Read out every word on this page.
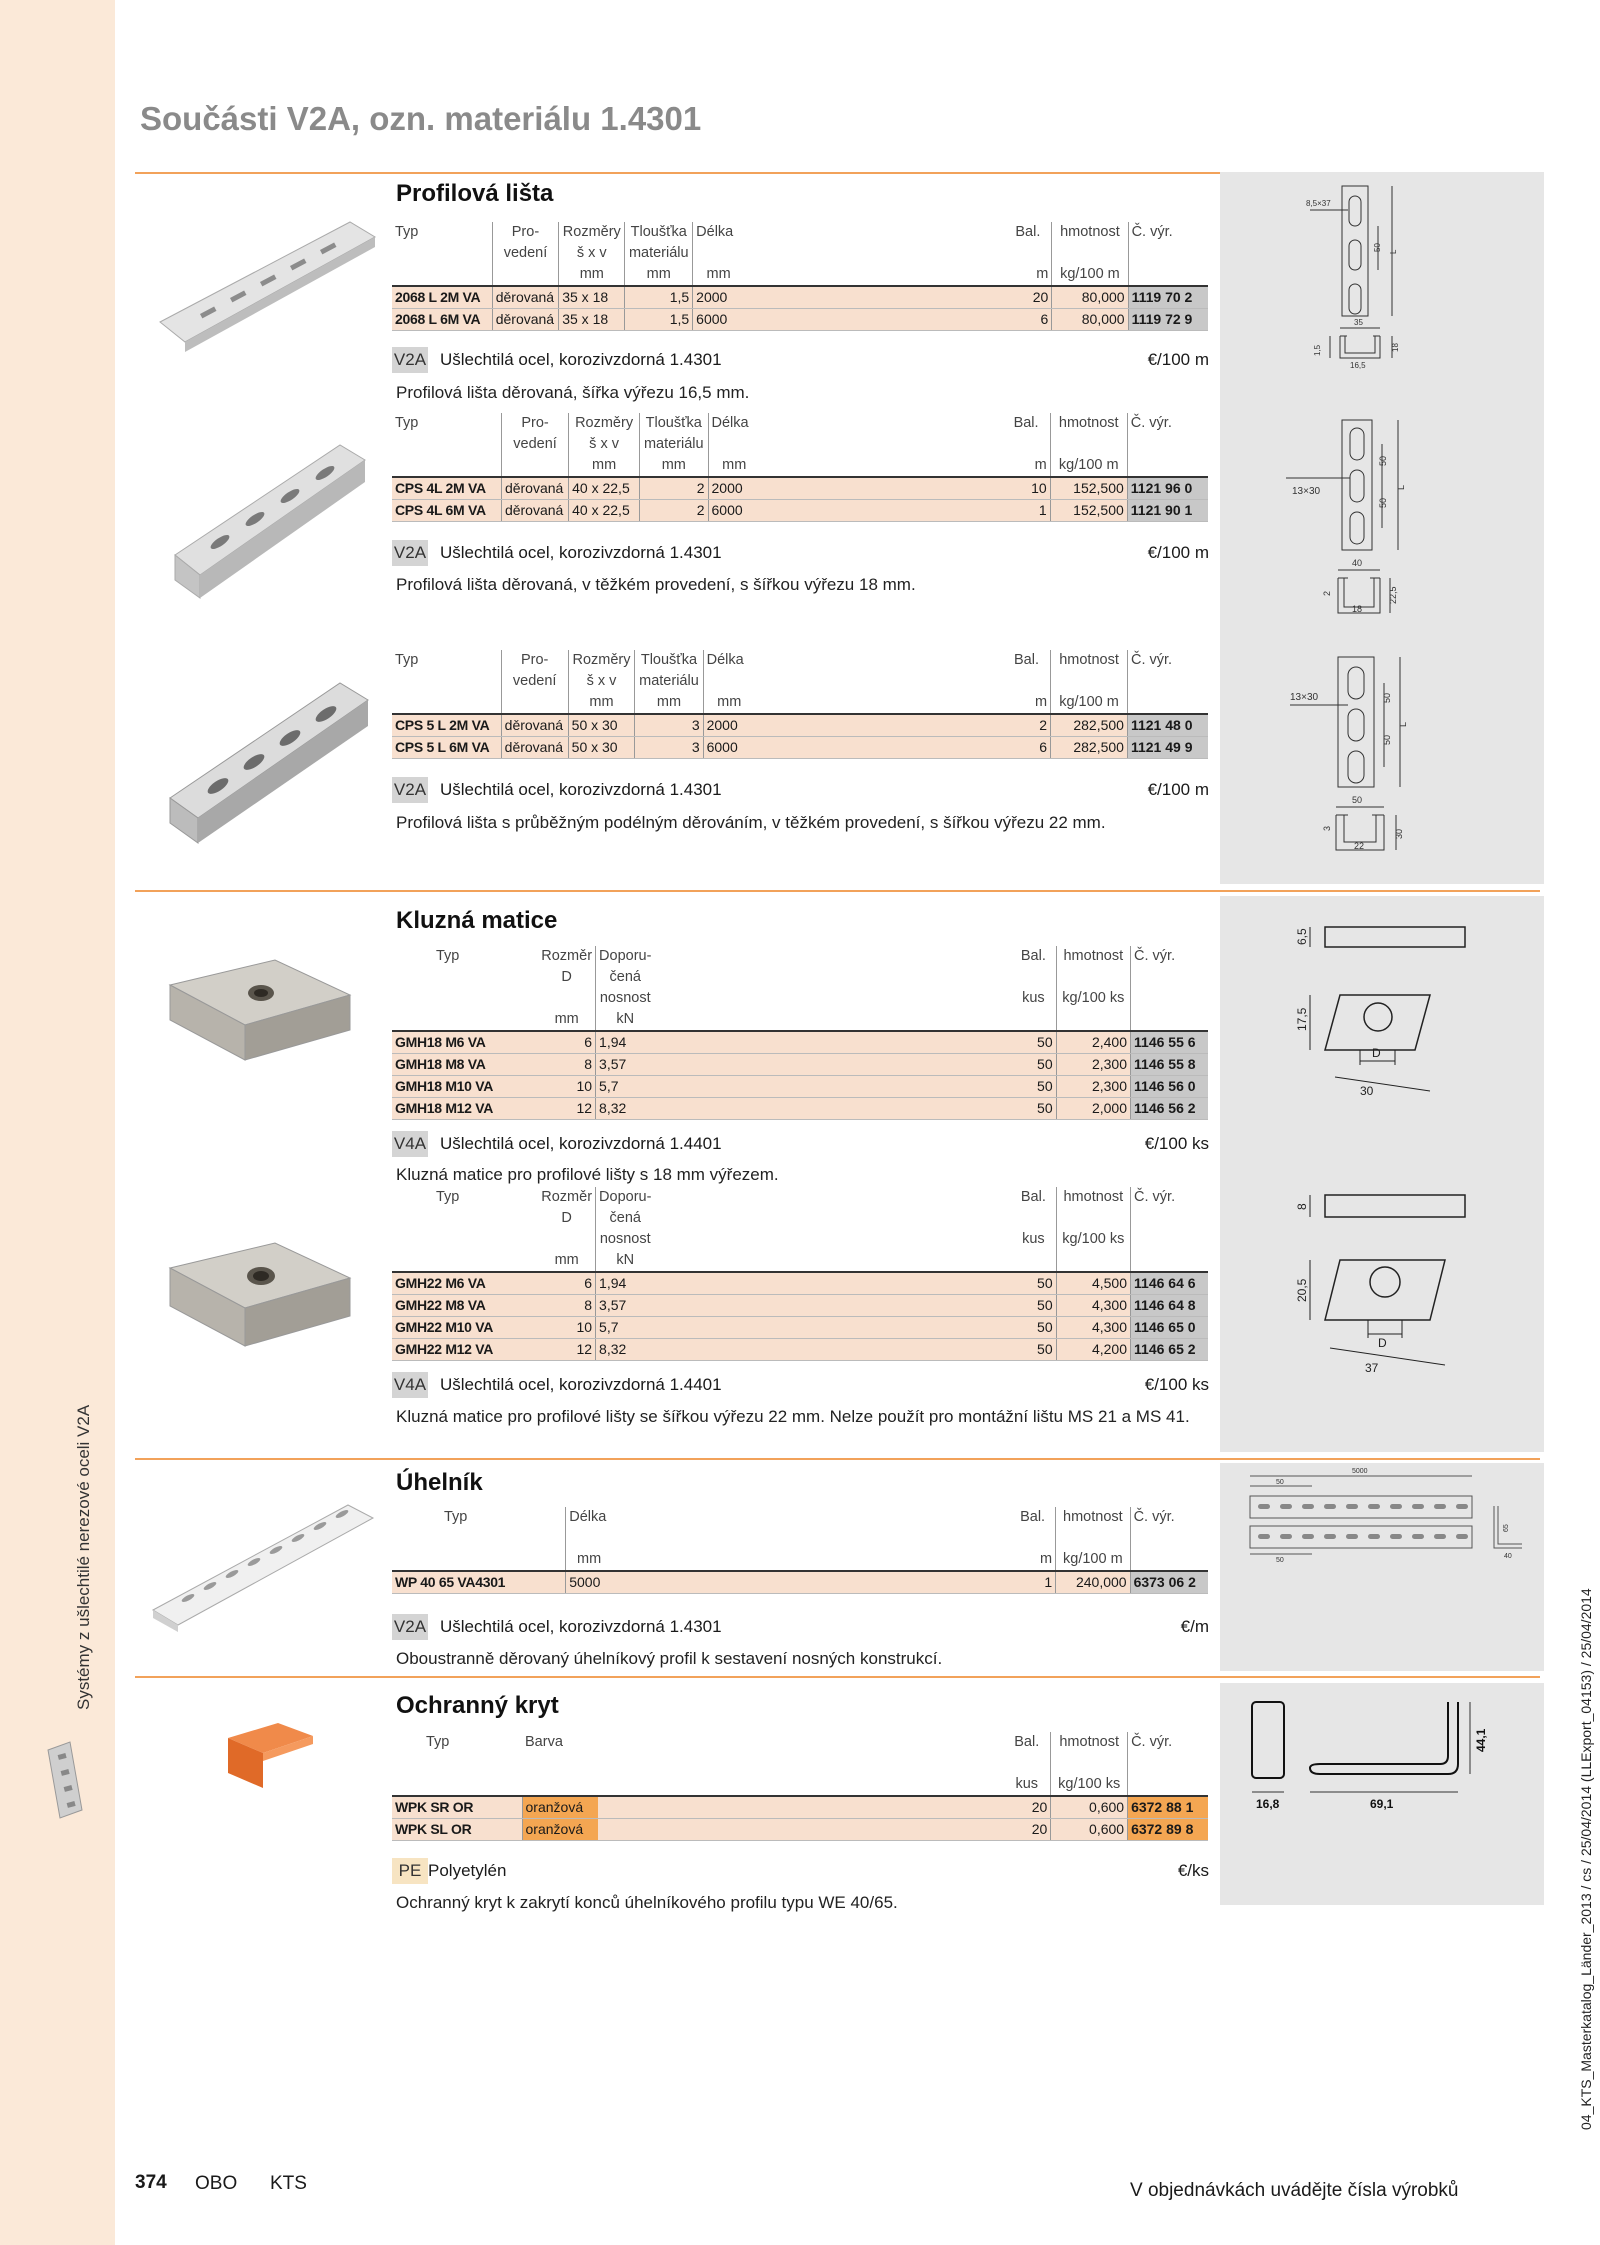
Systémy z ušlechtilé nerezové oceli V2A
Součásti V2A, ozn. materiálu 1.4301
Profilová lišta
Typ	Pro-	Rozměry	Tloušťka	Délka		Bal.	hmotnost	Č. výr.
	vedení	š x v	materiálu					
		mm	mm	mm		m	kg/100 m	
2068 L 2M VA	děrovaná	35 x 18	1,5	2000		20	80,000	1119 70 2
2068 L 6M VA	děrovaná	35 x 18	1,5	6000		6	80,000	1119 72 9
V2A Ušlechtilá ocel, korozivzdorná 1.4301	€/100 m
Profilová lišta děrovaná, šířka výřezu 16,5 mm.
Typ	Pro-	Rozměry	Tloušťka	Délka		Bal.	hmotnost	Č. výr.
	vedení	š x v	materiálu					
		mm	mm	mm		m	kg/100 m	
CPS 4L 2M VA	děrovaná	40 x 22,5	2	2000		10	152,500	1121 96 0
CPS 4L 6M VA	děrovaná	40 x 22,5	2	6000		1	152,500	1121 90 1
V2A Ušlechtilá ocel, korozivzdorná 1.4301	€/100 m
Profilová lišta děrovaná, v těžkém provedení, s šířkou výřezu 18 mm.
Typ	Pro-	Rozměry	Tloušťka	Délka		Bal.	hmotnost	Č. výr.
	vedení	š x v	materiálu					
		mm	mm	mm		m	kg/100 m	
CPS 5 L 2M VA	děrovaná	50 x 30	3	2000		2	282,500	1121 48 0
CPS 5 L 6M VA	děrovaná	50 x 30	3	6000		6	282,500	1121 49 9
V2A Ušlechtilá ocel, korozivzdorná 1.4301	€/100 m
Profilová lišta s průběžným podélným děrováním, v těžkém provedení, s šířkou výřezu 22 mm.
8,5×37
50 L
35
18
1,5
16,5
13×30
50
50
L
40
2	22,5
18
13×30	50
50
L
50
3
30
22
Kluzná matice
Typ	Rozměr	Doporu-		Bal.	hmotnost	Č. výr.
	D	čená				
		nosnost		kus	kg/100 ks	
	mm	kN				
GMH18 M6 VA	6	1,94		50	2,400	1146 55 6
GMH18 M8 VA	8	3,57		50	2,300	1146 55 8
GMH18 M10 VA	10	5,7		50	2,300	1146 56 0
GMH18 M12 VA	12	8,32		50	2,000	1146 56 2
V4A Ušlechtilá ocel, korozivzdorná 1.4401	€/100 ks
Kluzná matice pro profilové lišty s 18 mm výřezem.
Typ	Rozměr	Doporu-		Bal.	hmotnost	Č. výr.
	D	čená				
		nosnost		kus	kg/100 ks	
	mm	kN				
GMH22 M6 VA	6	1,94		50	4,500	1146 64 6
GMH22 M8 VA	8	3,57		50	4,300	1146 64 8
GMH22 M10 VA	10	5,7		50	4,300	1146 65 0
GMH22 M12 VA	12	8,32		50	4,200	1146 65 2
V4A Ušlechtilá ocel, korozivzdorná 1.4401	€/100 ks
Kluzná matice pro profilové lišty se šířkou výřezu 22 mm. Nelze použít pro montážní lištu MS 21 a MS 41.
6,5
17,5
D
30
8
20,5
D
37
Úhelník
Typ	Délka		Bal.	hmotnost	Č. výr.

	mm		m	kg/100 m	
WP 40 65 VA4301	5000		1	240,000	6373 06 2
V2A Ušlechtilá ocel, korozivzdorná 1.4301	€/m
Oboustranně děrovaný úhelníkový profil k sestavení nosných konstrukcí.
5000
50
50
65
40
Ochranný kryt
Typ	Barva		Bal.	hmotnost	Č. výr.

			kus	kg/100 ks	
WPK SR OR	oranžová		20	0,600	6372 88 1
WPK SL OR	oranžová		20	0,600	6372 89 8
PE Polyetylén	€/ks
Ochranný kryt k zakrytí konců úhelníkového profilu typu WE 40/65.
44,1
16,8	69,1
374 OBO KTS	V objednávkách uvádějte čísla výrobků
04_KTS_Masterkatalog_Länder_2013 / cs / 25/04/2014 (LLExport_04153) / 25/04/2014
